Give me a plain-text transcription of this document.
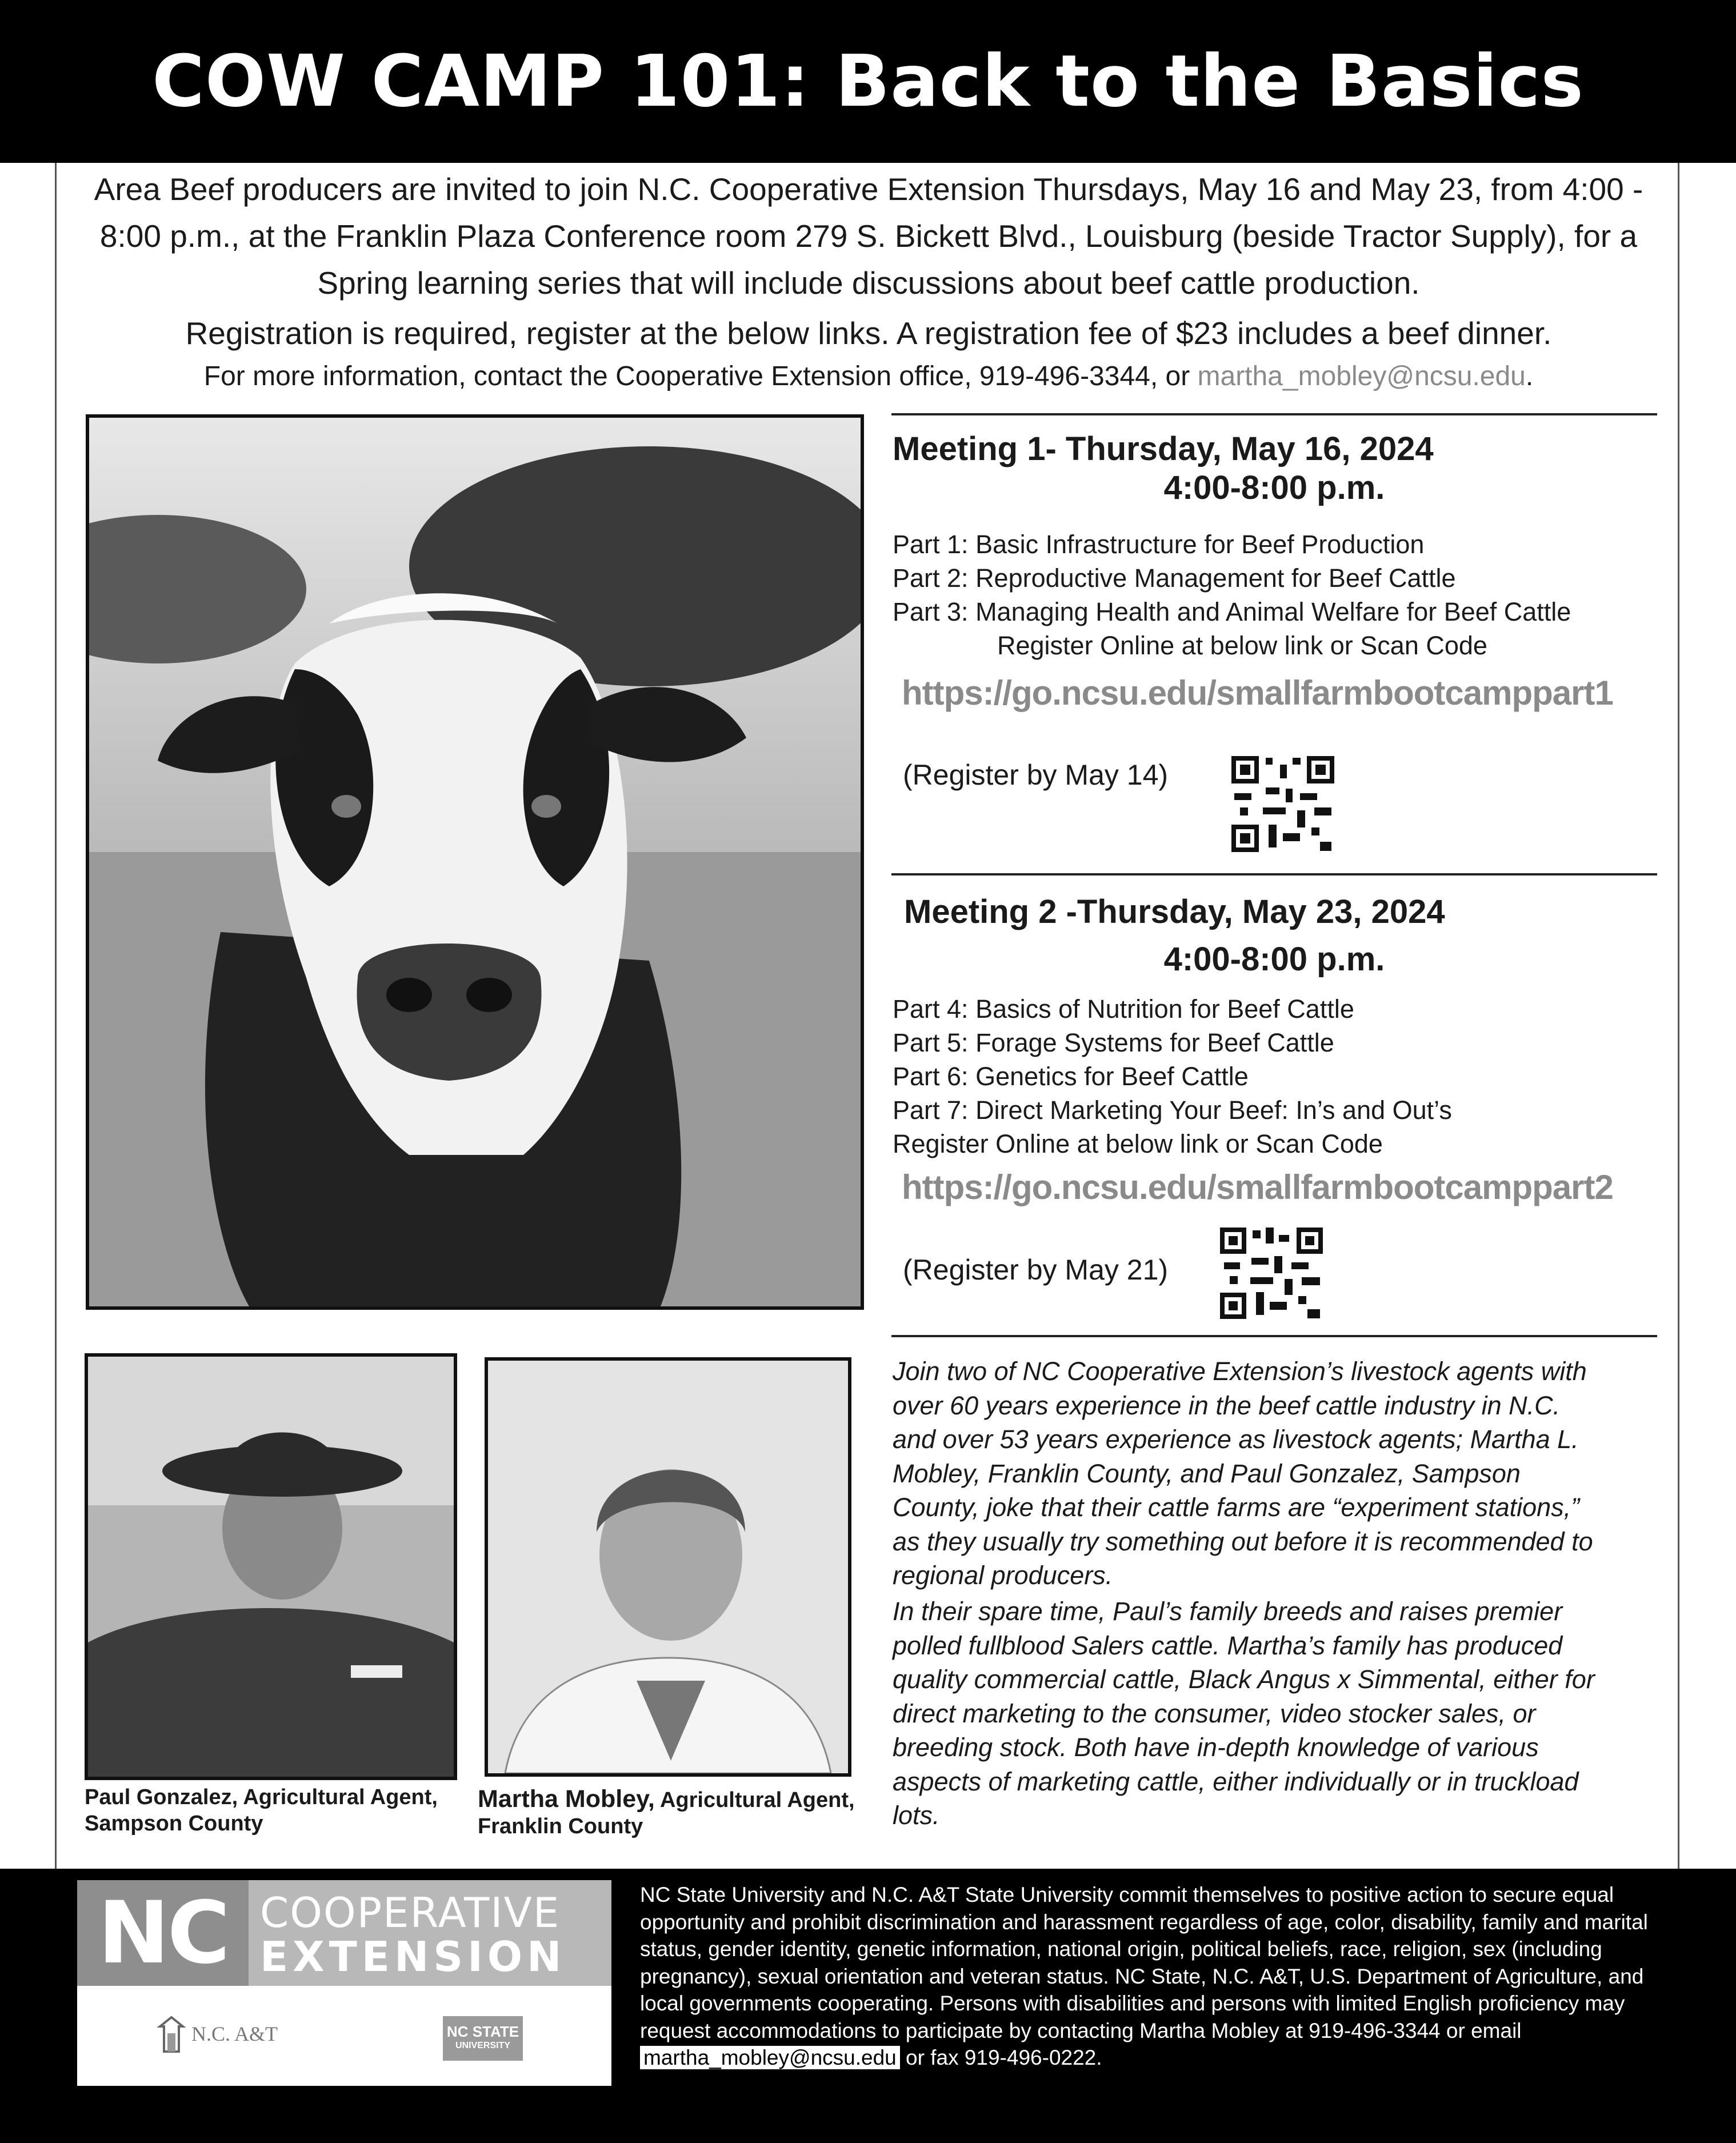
COW CAMP 101: Back to the Basics
Area Beef producers are invited to join N.C. Cooperative Extension Thursdays, May 16 and May 23, from 4:00 - 8:00 p.m., at the Franklin Plaza Conference room 279 S. Bickett Blvd., Louisburg (beside Tractor Supply), for a Spring learning series that will include discussions about beef cattle production.
Registration is required, register at the below links. A registration fee of $23 includes a beef dinner.
For more information, contact the Cooperative Extension office, 919-496-3344, or martha_mobley@ncsu.edu.
Meeting 1- Thursday, May 16, 2024
4:00-8:00 p.m.
Part 1: Basic Infrastructure for Beef Production
Part 2: Reproductive Management for Beef Cattle
Part 3: Managing Health and Animal Welfare for Beef Cattle
Register Online at below link or Scan Code
https://go.ncsu.edu/smallfarmbootcamppart1
(Register by May 14)
Meeting 2 -Thursday, May 23, 2024
4:00-8:00 p.m.
Part 4: Basics of Nutrition for Beef Cattle
Part 5: Forage Systems for Beef Cattle
Part 6: Genetics for Beef Cattle
Part 7: Direct Marketing Your Beef: In’s and Out’s
Register Online at below link or Scan Code
https://go.ncsu.edu/smallfarmbootcamppart2
(Register by May 21)
Paul Gonzalez, Agricultural Agent,
Sampson County
Martha Mobley, Agricultural Agent,
Franklin County
Join two of NC Cooperative Extension’s livestock agents with over 60 years experience in the beef cattle industry in N.C. and over 53 years experience as livestock agents; Martha L. Mobley, Franklin County, and Paul Gonzalez, Sampson County, joke that their cattle farms are “experiment stations,” as they usually try something out before it is recommended to regional producers.
In their spare time, Paul’s family breeds and raises premier polled fullblood Salers cattle. Martha’s family has produced quality commercial cattle, Black Angus x Simmental, either for direct marketing to the consumer, video stocker sales, or breeding stock. Both have in-depth knowledge of various aspects of marketing cattle, either individually or in truckload lots.
NC COOPERATIVE
EXTENSION
N.C. A&T	NC STATE
UNIVERSITY
NC State University and N.C. A&T State University commit themselves to positive action to secure equal opportunity and prohibit discrimination and harassment regardless of age, color, disability, family and marital status, gender identity, genetic information, national origin, political beliefs, race, religion, sex (including pregnancy), sexual orientation and veteran status. NC State, N.C. A&T, U.S. Department of Agriculture, and local governments cooperating. Persons with disabilities and persons with limited English proficiency may request accommodations to participate by contacting Martha Mobley at 919-496-3344 or email martha_mobley@ncsu.edu or fax 919-496-0222.
